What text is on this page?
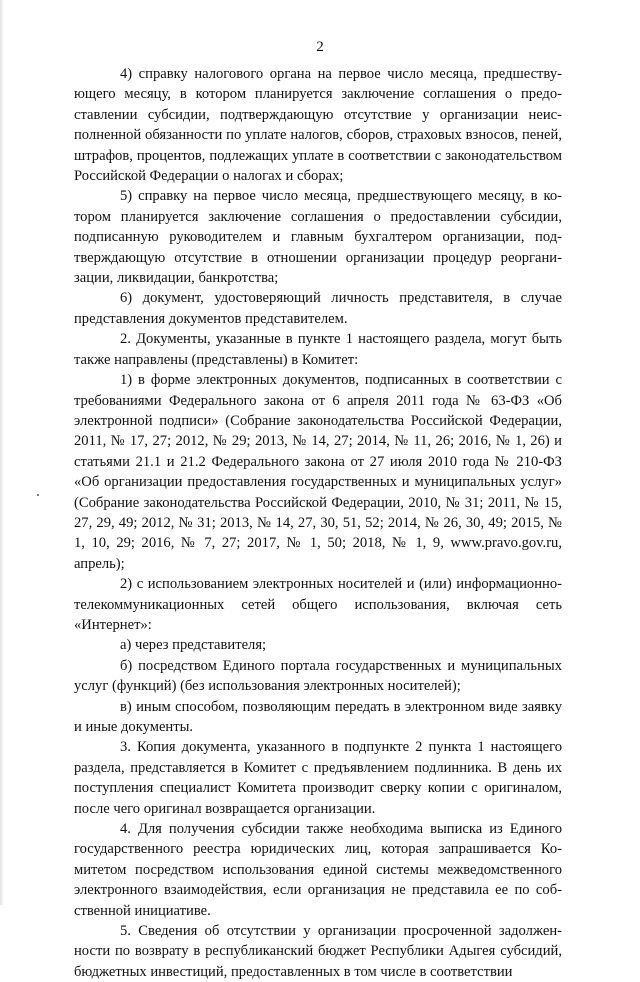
2

4) справку налогового органа на первое число месяца, предшествующего месяцу, в котором планируется заключение соглашения о предоставлении субсидии, подтверждающую отсутствие у организации неисполненной обязанности по уплате налогов, сборов, страховых взносов, пеней, штрафов, процентов, подлежащих уплате в соответствии с законодательством Российской Федерации о налогах и сборах;

5) справку на первое число месяца, предшествующего месяцу, в котором планируется заключение соглашения о предоставлении субсидии, подписанную руководителем и главным бухгалтером организации, подтверждающую отсутствие в отношении организации процедур реорганизации, ликвидации, банкротства;

6) документ, удостоверяющий личность представителя, в случае представления документов представителем.

2. Документы, указанные в пункте 1 настоящего раздела, могут быть также направлены (представлены) в Комитет:

1) в форме электронных документов, подписанных в соответствии с требованиями Федерального закона от 6 апреля 2011 года № 63-ФЗ «Об электронной подписи» (Собрание законодательства Российской Федерации, 2011, № 17, 27; 2012, № 29; 2013, № 14, 27; 2014, № 11, 26; 2016, № 1, 26) и статьями 21.1 и 21.2 Федерального закона от 27 июля 2010 года № 210-ФЗ «Об организации предоставления государственных и муниципальных услуг» (Собрание законодательства Российской Федерации, 2010, № 31; 2011, № 15, 27, 29, 49; 2012, № 31; 2013, № 14, 27, 30, 51, 52; 2014, № 26, 30, 49; 2015, № 1, 10, 29; 2016, № 7, 27; 2017, № 1, 50; 2018, № 1, 9, www.pravo.gov.ru, апрель);

2) с использованием электронных носителей и (или) информационно-телекоммуникационных сетей общего использования, включая сеть «Интернет»:

а) через представителя;

б) посредством Единого портала государственных и муниципальных услуг (функций) (без использования электронных носителей);

в) иным способом, позволяющим передать в электронном виде заявку и иные документы.

3. Копия документа, указанного в подпункте 2 пункта 1 настоящего раздела, представляется в Комитет с предъявлением подлинника. В день их поступления специалист Комитета производит сверку копии с оригиналом, после чего оригинал возвращается организации.

4. Для получения субсидии также необходима выписка из Единого государственного реестра юридических лиц, которая запрашивается Комитетом посредством использования единой системы межведомственного электронного взаимодействия, если организация не представила ее по собственной инициативе.

5. Сведения об отсутствии у организации просроченной задолженности по возврату в республиканский бюджет Республики Адыгея субсидий, бюджетных инвестиций, предоставленных в том числе в соответствии
